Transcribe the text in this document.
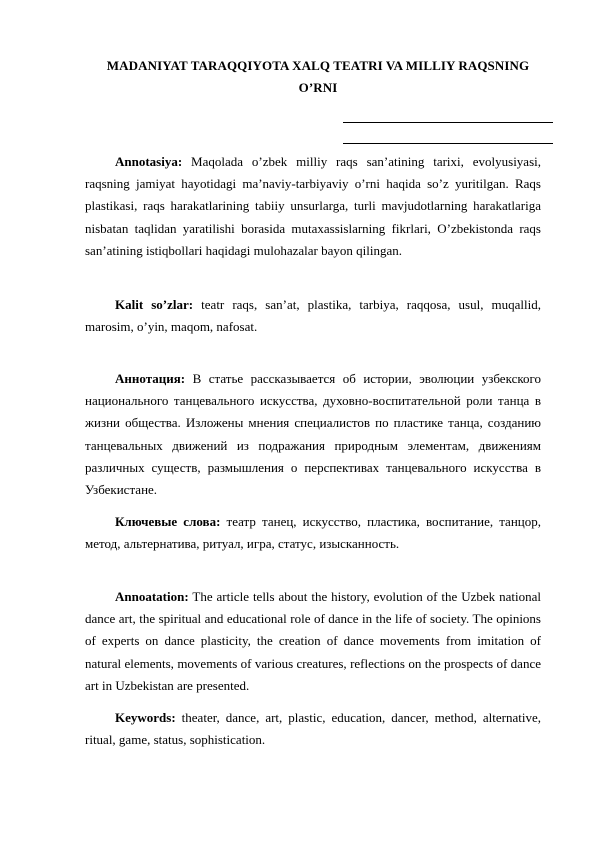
MADANIYAT TARAQQIYOTA XALQ TEATRI VA MILLIY RAQSNING
O’RNI

Annotasiya: Maqolada o’zbek milliy raqs san’atining tarixi, evolyusiyasi, raqsning jamiyat hayotidagi ma’naviy-tarbiyaviy o’rni haqida so’z yuritilgan. Raqs plastikasi, raqs harakatlarining tabiiy unsurlarga, turli mavjudotlarning harakatlariga nisbatan taqlidan yaratilishi borasida mutaxassislarning fikrlari, O’zbekistonda raqs san’atining istiqbollari haqidagi mulohazalar bayon qilingan.

Kalit so’zlar: teatr raqs, san’at, plastika, tarbiya, raqqosa, usul, muqallid, marosim, o’yin, maqom, nafosat.

Аннотация: В статье рассказывается об истории, эволюции узбекского национального танцевального искусства, духовно-воспитательной роли танца в жизни общества. Изложены мнения специалистов по пластике танца, созданию танцевальных движений из подражания природным элементам, движениям различных существ, размышления о перспективах танцевального искусства в Узбекистане.

Ключевые слова: театр танец, искусство, пластика, воспитание, танцор, метод, альтернатива, ритуал, игра, статус, изысканность.

Annoatation: The article tells about the history, evolution of the Uzbek national dance art, the spiritual and educational role of dance in the life of society. The opinions of experts on dance plasticity, the creation of dance movements from imitation of natural elements, movements of various creatures, reflections on the prospects of dance art in Uzbekistan are presented.

Keywords: theater, dance, art, plastic, education, dancer, method, alternative, ritual, game, status, sophistication.
